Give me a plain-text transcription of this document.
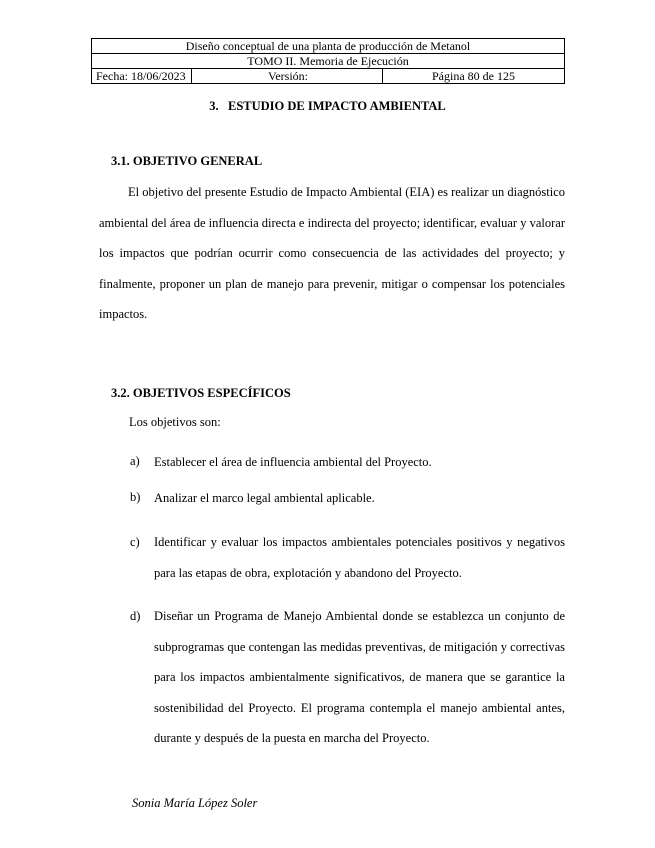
Diseño conceptual de una planta de producción de Metanol
TOMO II. Memoria de Ejecución
Fecha: 18/06/2023	Versión:	Página 80 de 125
3.   ESTUDIO DE IMPACTO AMBIENTAL
3.1. OBJETIVO GENERAL

El objetivo del presente Estudio de Impacto Ambiental (EIA) es realizar un diagnóstico ambiental del área de influencia directa e indirecta del proyecto; identificar, evaluar y valorar los impactos que podrían ocurrir como consecuencia de las actividades del proyecto; y finalmente, proponer un plan de manejo para prevenir, mitigar o compensar los potenciales impactos.

3.2. OBJETIVOS ESPECÍFICOS
Los objetivos son:
a)	Establecer el área de influencia ambiental del Proyecto.
b)	Analizar el marco legal ambiental aplicable.
c)	Identificar y evaluar los impactos ambientales potenciales positivos y negativos para las etapas de obra, explotación y abandono del Proyecto.
d)	Diseñar un Programa de Manejo Ambiental donde se establezca un conjunto de subprogramas que contengan las medidas preventivas, de mitigación y correctivas para los impactos ambientalmente significativos, de manera que se garantice la sostenibilidad del Proyecto. El programa contempla el manejo ambiental antes, durante y después de la puesta en marcha del Proyecto.
Sonia María López Soler
